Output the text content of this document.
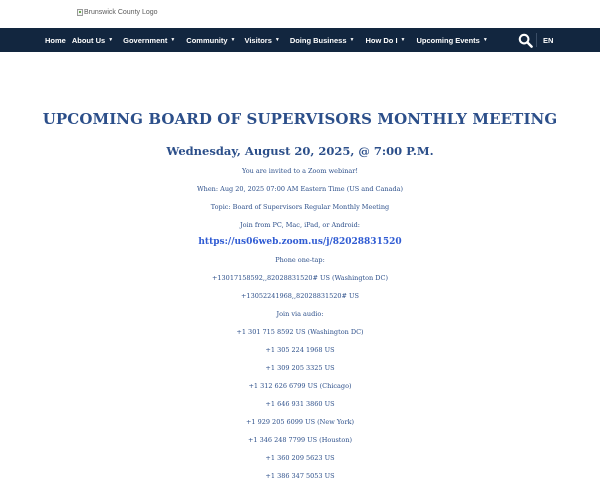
Brunswick County Logo
Home About Us ▼ Government ▼ Community ▼ Visitors ▼ Doing Business ▼ How Do I ▼ Upcoming Events ▼	EN
UPCOMING BOARD OF SUPERVISORS MONTHLY MEETING
Wednesday, August 20, 2025, @ 7:00 P.M.
You are invited to a Zoom webinar!
When: Aug 20, 2025 07:00 AM Eastern Time (US and Canada)
Topic: Board of Supervisors Regular Monthly Meeting
Join from PC, Mac, iPad, or Android:
https://us06web.zoom.us/j/82028831520
Phone one-tap:
+13017158592,,82028831520# US (Washington DC)
+13052241968,,82028831520# US
Join via audio:
+1 301 715 8592 US (Washington DC)
+1 305 224 1968 US
+1 309 205 3325 US
+1 312 626 6799 US (Chicago)
+1 646 931 3860 US
+1 929 205 6099 US (New York)
+1 346 248 7799 US (Houston)
+1 360 209 5623 US
+1 386 347 5053 US
